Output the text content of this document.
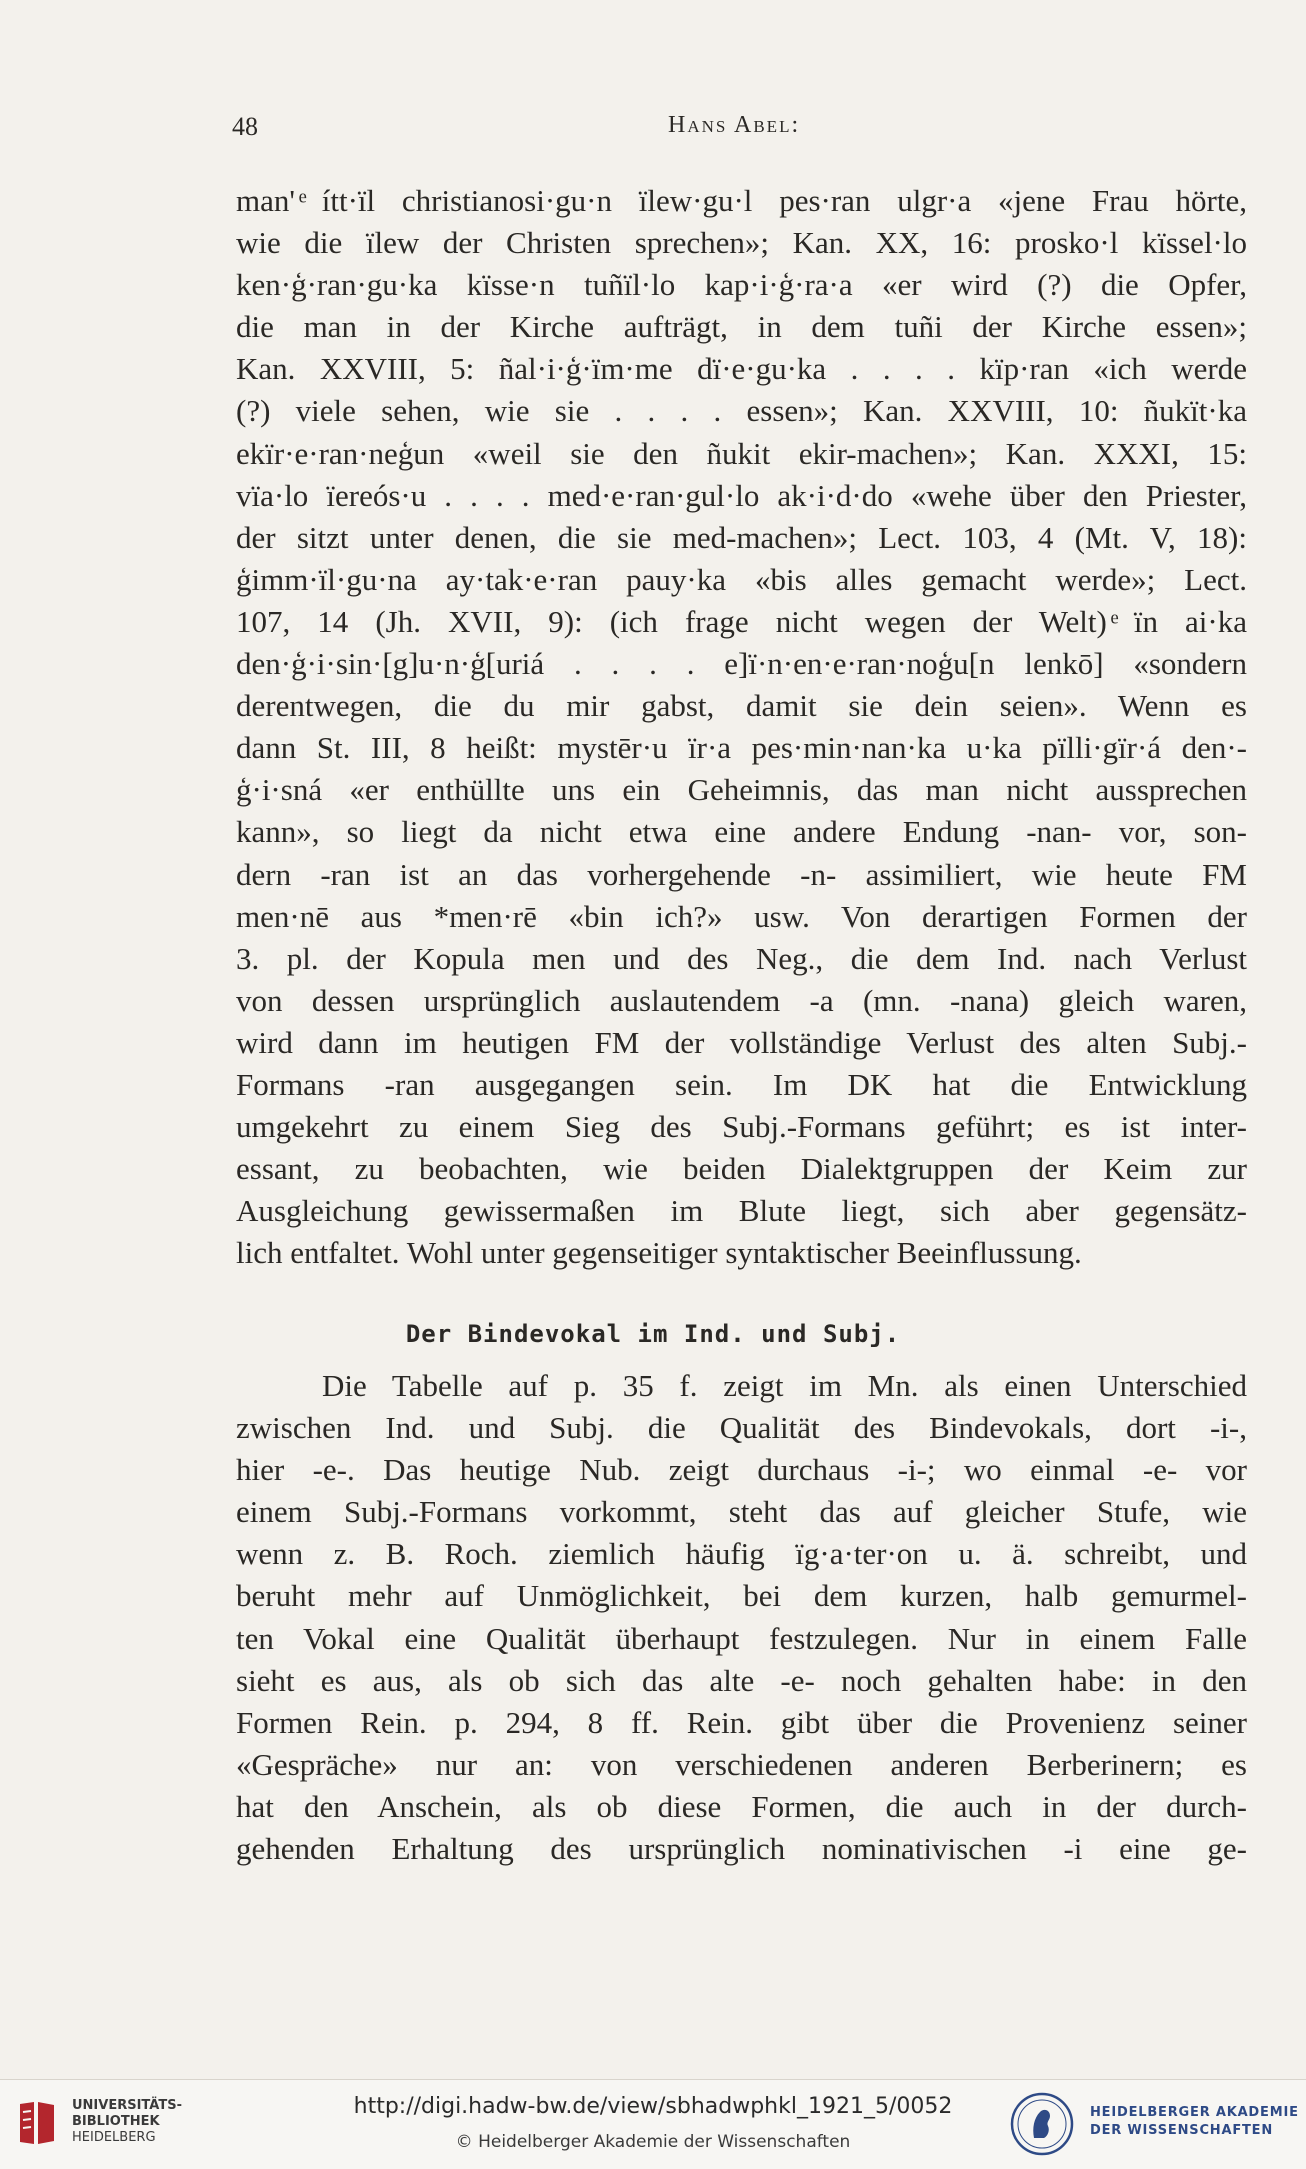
48	Hans Abel:
man' ͤítt·ïl christianosi·gu·n ïlew·gu·l pes·ran ulgr·a «jene Frau hörte,
wie die ïlew der Christen sprechen»; Kan. XX, 16: prosko·l kïssel·lo
ken·ģ·ran·gu·ka kïsse·n tuñïl·lo kap·i·ģ·ra·a «er wird (?) die Opfer,
die man in der Kirche aufträgt, in dem tuñi der Kirche essen»;
Kan. XXVIII, 5: ñal·i·ģ·ïm·me dï·e·gu·ka . . . . kïp·ran «ich werde
(?) viele sehen, wie sie . . . . essen»; Kan. XXVIII, 10: ñukït·ka
ekïr·e·ran·neģun «weil sie den ñukit ekir-machen»; Kan. XXXI, 15:
vïa·lo ïereós·u . . . . med·e·ran·gul·lo ak·i·d·do «wehe über den Priester,
der sitzt unter denen, die sie med-machen»; Lect. 103, 4 (Mt. V, 18):
ģimm·ïl·gu·na ay·tak·e·ran pauy·ka «bis alles gemacht werde»; Lect.
107, 14 (Jh. XVII, 9): (ich frage nicht wegen der Welt) ͤïn ai·ka
den·ģ·i·sin·[g]u·n·ģ[uriá . . . . e]ï·n·en·e·ran·noģu[n lenkō] «sondern
derentwegen, die du mir gabst, damit sie dein seien». Wenn es
dann St. III, 8 heißt: mystēr·u ïr·a pes·min·nan·ka u·ka pïlli·gïr·á den·-
ģ·i·sná «er enthüllte uns ein Geheimnis, das man nicht aussprechen
kann», so liegt da nicht etwa eine andere Endung -nan- vor, son-
dern -ran ist an das vorhergehende -n- assimiliert, wie heute FM
men·nē aus *men·rē «bin ich?» usw. Von derartigen Formen der
3. pl. der Kopula men und des Neg., die dem Ind. nach Verlust
von dessen ursprünglich auslautendem -a (mn. -nana) gleich waren,
wird dann im heutigen FM der vollständige Verlust des alten Subj.-
Formans -ran ausgegangen sein. Im DK hat die Entwicklung
umgekehrt zu einem Sieg des Subj.-Formans geführt; es ist inter-
essant, zu beobachten, wie beiden Dialektgruppen der Keim zur
Ausgleichung gewissermaßen im Blute liegt, sich aber gegensätz-
lich entfaltet. Wohl unter gegenseitiger syntaktischer Beeinflussung.
Der Bindevokal im Ind. und Subj.
Die Tabelle auf p. 35 f. zeigt im Mn. als einen Unterschied
zwischen Ind. und Subj. die Qualität des Bindevokals, dort -i-,
hier -e-. Das heutige Nub. zeigt durchaus -i-; wo einmal -e- vor
einem Subj.-Formans vorkommt, steht das auf gleicher Stufe, wie
wenn z. B. Roch. ziemlich häufig ïg·a·ter·on u. ä. schreibt, und
beruht mehr auf Unmöglichkeit, bei dem kurzen, halb gemurmel-
ten Vokal eine Qualität überhaupt festzulegen. Nur in einem Falle
sieht es aus, als ob sich das alte -e- noch gehalten habe: in den
Formen Rein. p. 294, 8 ff. Rein. gibt über die Provenienz seiner
«Gespräche» nur an: von verschiedenen anderen Berberinern; es
hat den Anschein, als ob diese Formen, die auch in der durch-
gehenden Erhaltung des ursprünglich nominativischen -i eine ge-
UNIVERSITÄTS-
BIBLIOTHEK
HEIDELBERG
http://digi.hadw-bw.de/view/sbhadwphkl_1921_5/0052
© Heidelberger Akademie der Wissenschaften
HEIDELBERGER AKADEMIE
DER WISSENSCHAFTEN
